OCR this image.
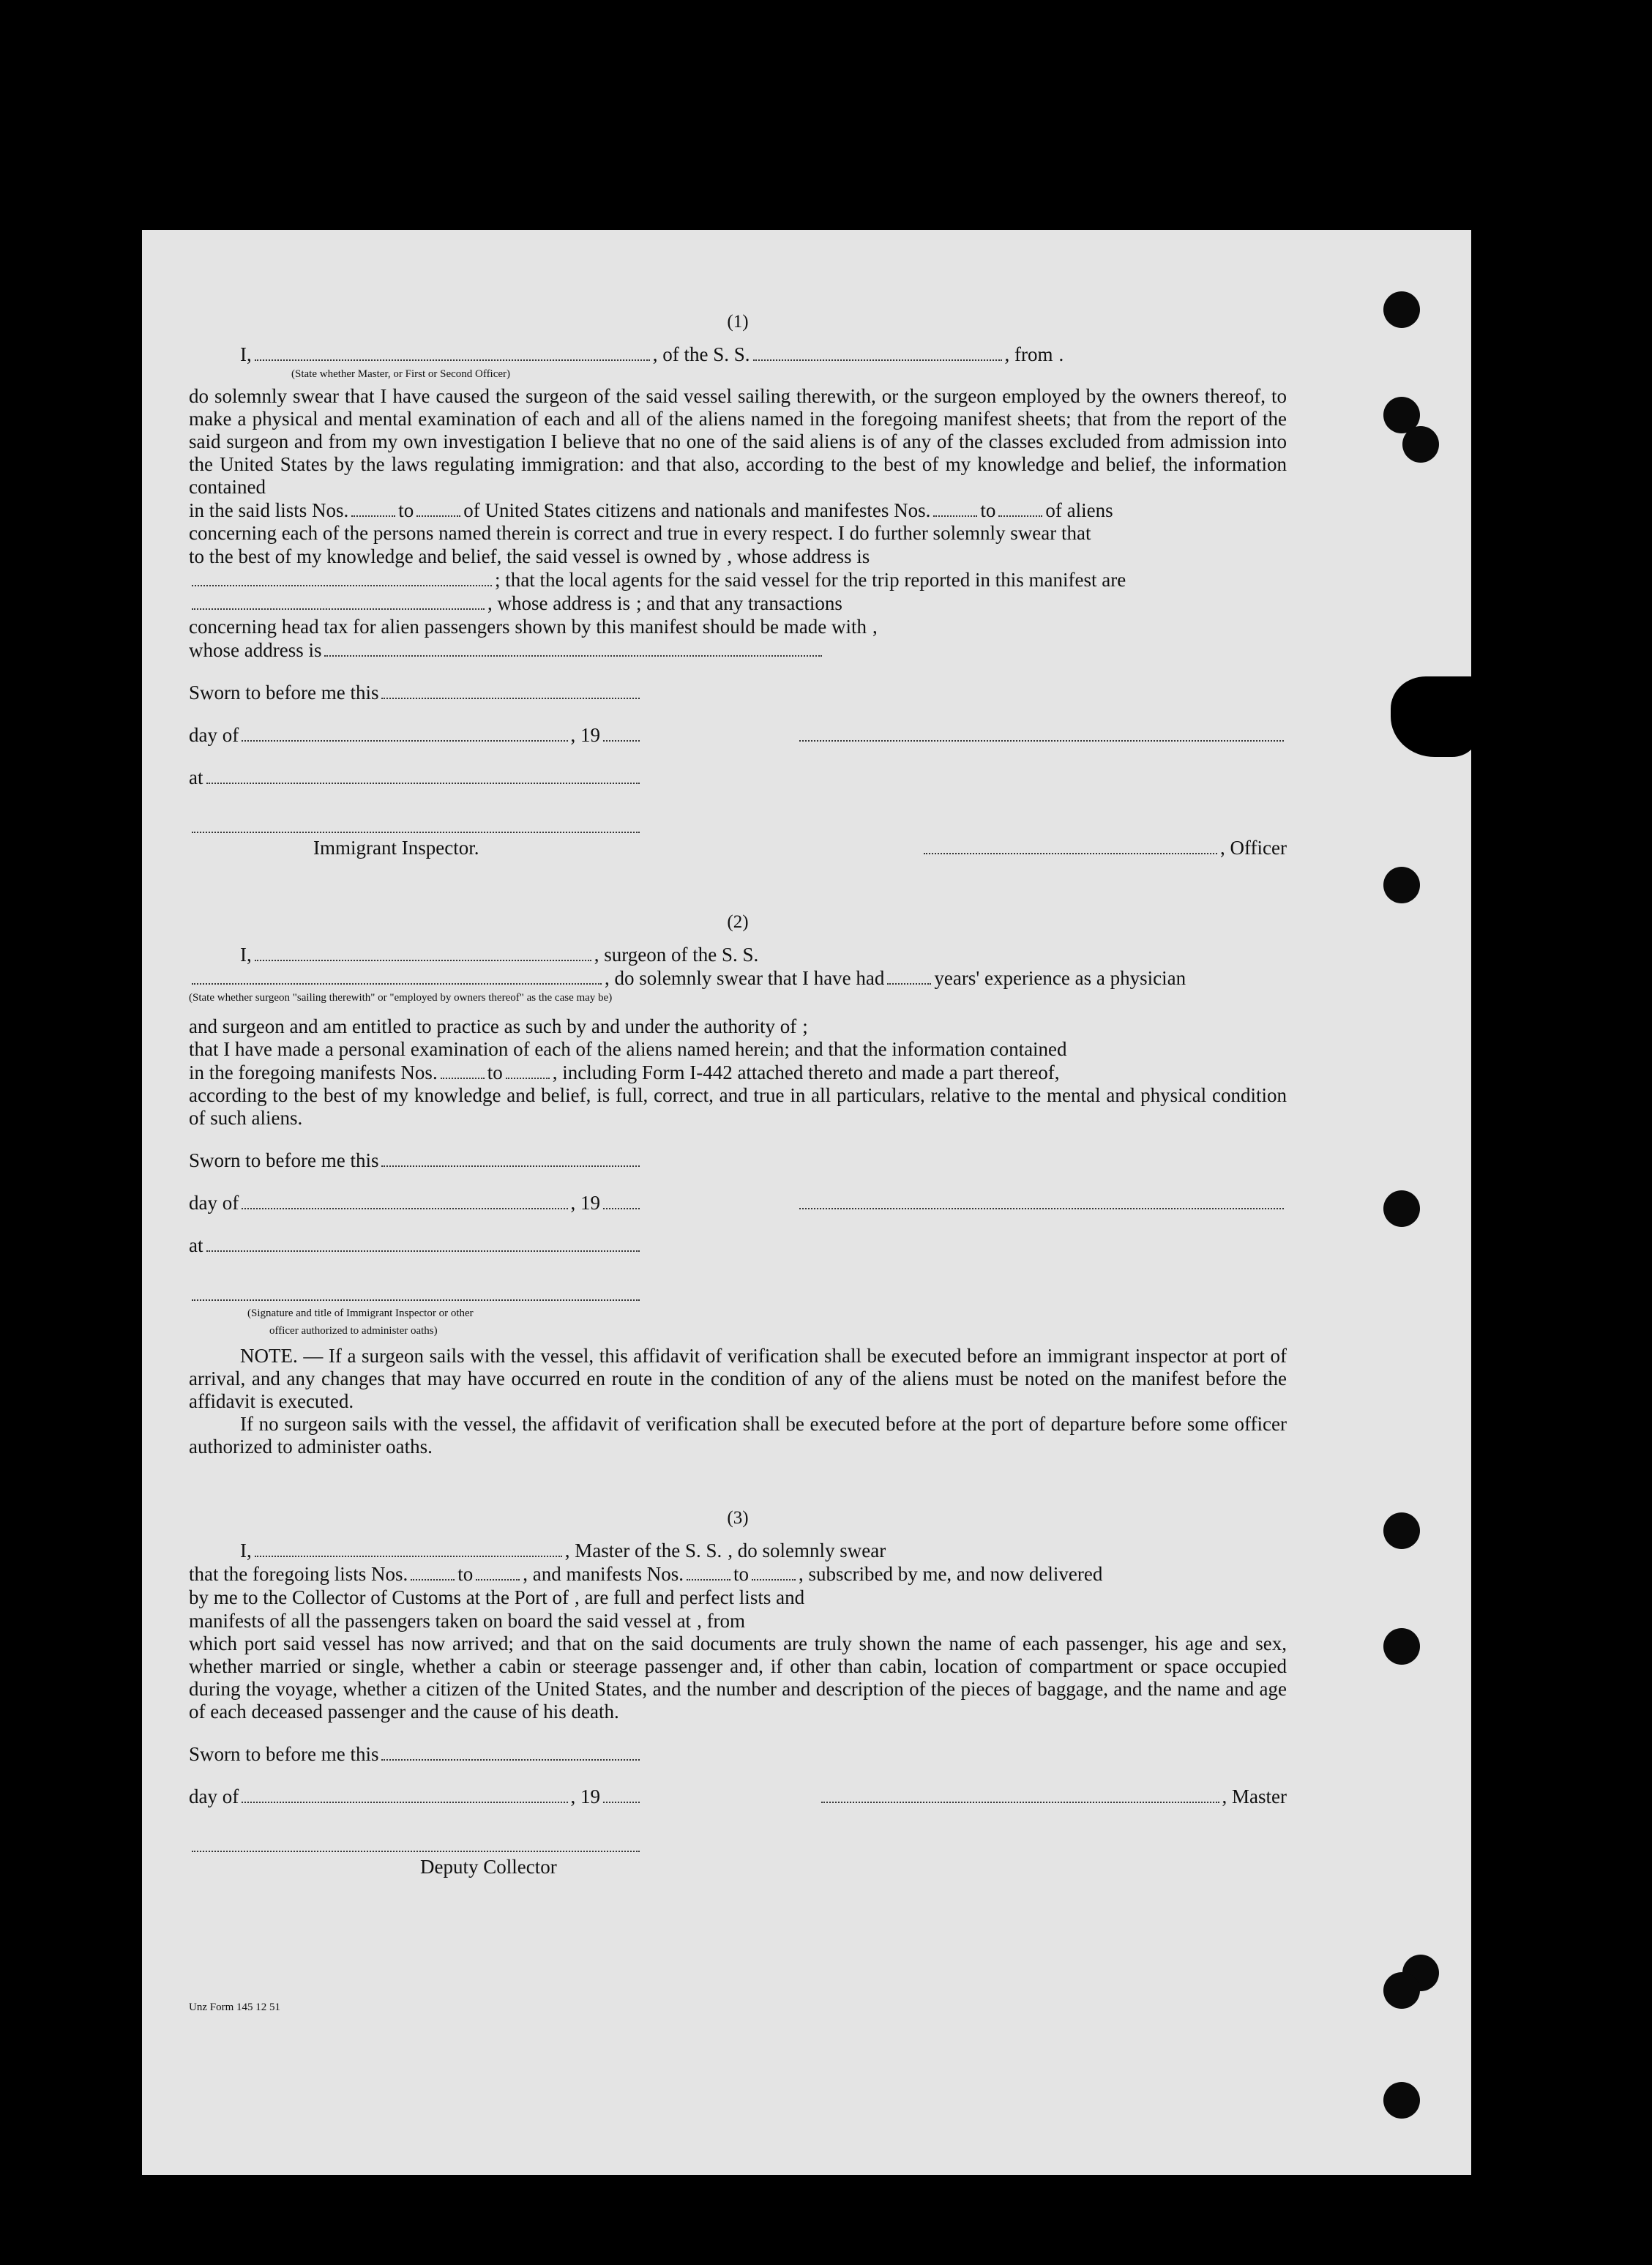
(1)
I,	, of the S. S.	, from .
(State whether Master, or First or Second Officer)
do solemnly swear that I have caused the surgeon of the said vessel sailing therewith, or the surgeon employed by the owners thereof, to make a physical and mental examination of each and all of the aliens named in the foregoing manifest sheets; that from the report of the said surgeon and from my own investigation I believe that no one of the said aliens is of any of the classes excluded from admission into the United States by the laws regulating immigration: and that also, according to the best of my knowledge and belief, the information contained
in the said lists Nos.	to	of United States citizens and nationals and manifestes Nos.	to	of aliens
concerning each of the persons named therein is correct and true in every respect. I do further solemnly swear that
to the best of my knowledge and belief, the said vessel is owned by , whose address is
; that the local agents for the said vessel for the trip reported in this manifest are
, whose address is ; and that any transactions
concerning head tax for alien passengers shown by this manifest should be made with ,
whose address is
Sworn to before me this
day of	, 19
at
Immigrant Inspector.	, Officer
(2)
I,	, surgeon of the S. S.
, do solemnly swear that I have had	years' experience as a physician
(State whether surgeon "sailing therewith" or "employed by owners thereof" as the case may be)
and surgeon and am entitled to practice as such by and under the authority of ;
that I have made a personal examination of each of the aliens named herein; and that the information contained
in the foregoing manifests Nos.	to	, including Form I-442 attached thereto and made a part thereof,
according to the best of my knowledge and belief, is full, correct, and true in all particulars, relative to the mental and physical condition of such aliens.
Sworn to before me this
day of	, 19
at
(Signature and title of Immigrant Inspector or other
officer authorized to administer oaths)
NOTE. — If a surgeon sails with the vessel, this affidavit of verification shall be executed before an immigrant inspector at port of arrival, and any changes that may have occurred en route in the condition of any of the aliens must be noted on the manifest before the affidavit is executed.
If no surgeon sails with the vessel, the affidavit of verification shall be executed before at the port of departure before some officer authorized to administer oaths.
(3)
I,	, Master of the S. S. , do solemnly swear
that the foregoing lists Nos.	to	, and manifests Nos.	to	, subscribed by me, and now delivered
by me to the Collector of Customs at the Port of , are full and perfect lists and
manifests of all the passengers taken on board the said vessel at , from
which port said vessel has now arrived; and that on the said documents are truly shown the name of each passenger, his age and sex, whether married or single, whether a cabin or steerage passenger and, if other than cabin, location of compartment or space occupied during the voyage, whether a citizen of the United States, and the number and description of the pieces of baggage, and the name and age of each deceased passenger and the cause of his death.
Sworn to before me this
day of	, 19	, Master
Deputy Collector
Unz Form 145 12 51
